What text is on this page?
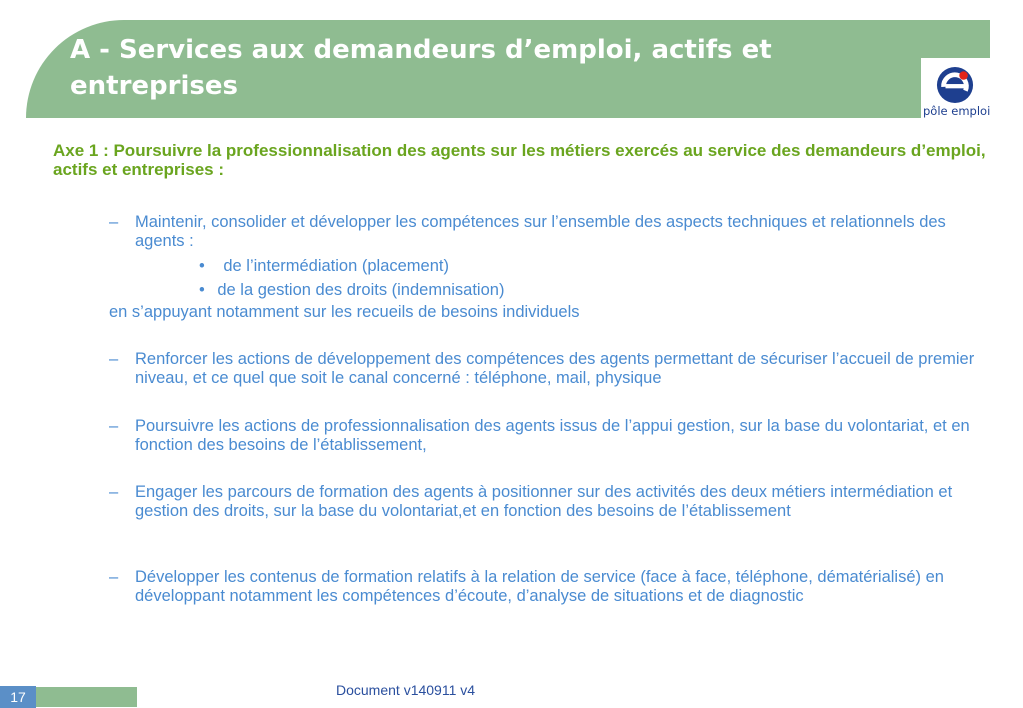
A - Services aux demandeurs d’emploi, actifs et entreprises
pôle emploi

Axe 1 : Poursuivre la professionnalisation des agents sur les métiers exercés au service des demandeurs d’emploi, actifs et entreprises :

– Maintenir, consolider et développer les compétences sur l’ensemble des aspects techniques et relationnels des agents :
• de l’intermédiation (placement)
• de la gestion des droits (indemnisation)
en s’appuyant notamment sur les recueils de besoins individuels
– Renforcer les actions de développement des compétences des agents permettant de sécuriser l’accueil de premier niveau, et ce quel que soit le canal concerné : téléphone, mail, physique
– Poursuivre les actions de professionnalisation des agents issus de l’appui gestion, sur la base du volontariat, et en fonction des besoins de l’établissement,
– Engager les parcours de formation des agents à positionner sur des activités des deux métiers intermédiation et gestion des droits, sur la base du volontariat,et en fonction des besoins de l’établissement
– Développer les contenus de formation relatifs à la relation de service (face à face, téléphone, dématérialisé) en développant notamment les compétences d’écoute, d’analyse de situations et de diagnostic
Document v140911 v4
17
